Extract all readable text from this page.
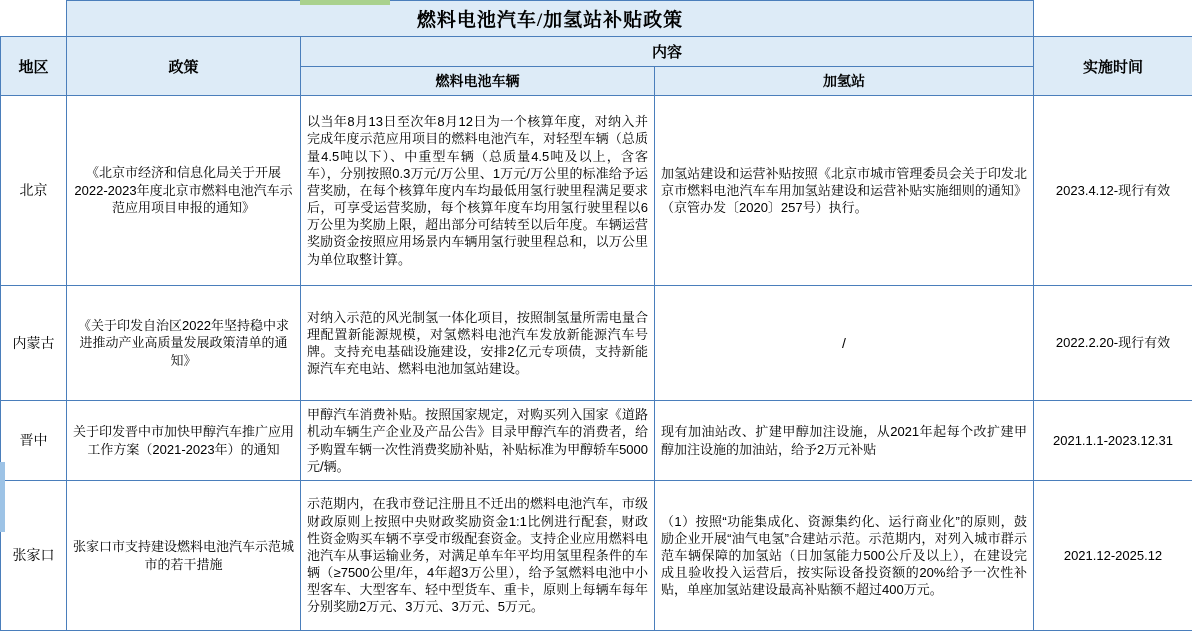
	燃料电池汽车/加氢站补贴政策			
地区	政策	内容		实施时间
		燃料电池车辆	加氢站	
北京	《北京市经济和信息化局关于开展2022-2023年度北京市燃料电池汽车示范应用项目申报的通知》	以当年8月13日至次年8月12日为一个核算年度，对纳入并完成年度示范应用项目的燃料电池汽车，对轻型车辆（总质量4.5吨以下）、中重型车辆（总质量4.5吨及以上，含客车），分别按照0.3万元/万公里、1万元/万公里的标准给予运营奖励，在每个核算年度内车均最低用氢行驶里程满足要求后，可享受运营奖励，每个核算年度车均用氢行驶里程以6万公里为奖励上限，超出部分可结转至以后年度。车辆运营奖励资金按照应用场景内车辆用氢行驶里程总和，以万公里为单位取整计算。	加氢站建设和运营补贴按照《北京市城市管理委员会关于印发北京市燃料电池汽车车用加氢站建设和运营补贴实施细则的通知》（京管办发〔2020〕257号）执行。	2023.4.12-现行有效
内蒙古	《关于印发自治区2022年坚持稳中求进推动产业高质量发展政策清单的通知》	对纳入示范的风光制氢一体化项目，按照制氢量所需电量合理配置新能源规模，对氢燃料电池汽车发放新能源汽车号牌。支持充电基础设施建设，安排2亿元专项债，支持新能源汽车充电站、燃料电池加氢站建设。	/	2022.2.20-现行有效
晋中	关于印发晋中市加快甲醇汽车推广应用工作方案（2021-2023年）的通知	甲醇汽车消费补贴。按照国家规定，对购买列入国家《道路机动车辆生产企业及产品公告》目录甲醇汽车的消费者，给予购置车辆一次性消费奖励补贴，补贴标准为甲醇轿车5000元/辆。	现有加油站改、扩建甲醇加注设施，从2021年起每个改扩建甲醇加注设施的加油站，给予2万元补贴	2021.1.1-2023.12.31
张家口	张家口市支持建设燃料电池汽车示范城市的若干措施	示范期内，在我市登记注册且不迁出的燃料电池汽车，市级财政原则上按照中央财政奖励资金1:1比例进行配套，财政性资金购买车辆不享受市级配套资金。支持企业应用燃料电池汽车从事运输业务，对满足单车年平均用氢里程条件的车辆（≥7500公里/年，4年超3万公里），给予氢燃料电池中小型客车、大型客车、轻中型货车、重卡，原则上每辆车每年分别奖励2万元、3万元、3万元、5万元。	（1）按照“功能集成化、资源集约化、运行商业化”的原则，鼓励企业开展“油气电氢”合建站示范。示范期内，对列入城市群示范车辆保障的加氢站（日加氢能力500公斤及以上），在建设完成且验收投入运营后，按实际设备投资额的20%给予一次性补贴，单座加氢站建设最高补贴额不超过400万元。	2021.12-2025.12
